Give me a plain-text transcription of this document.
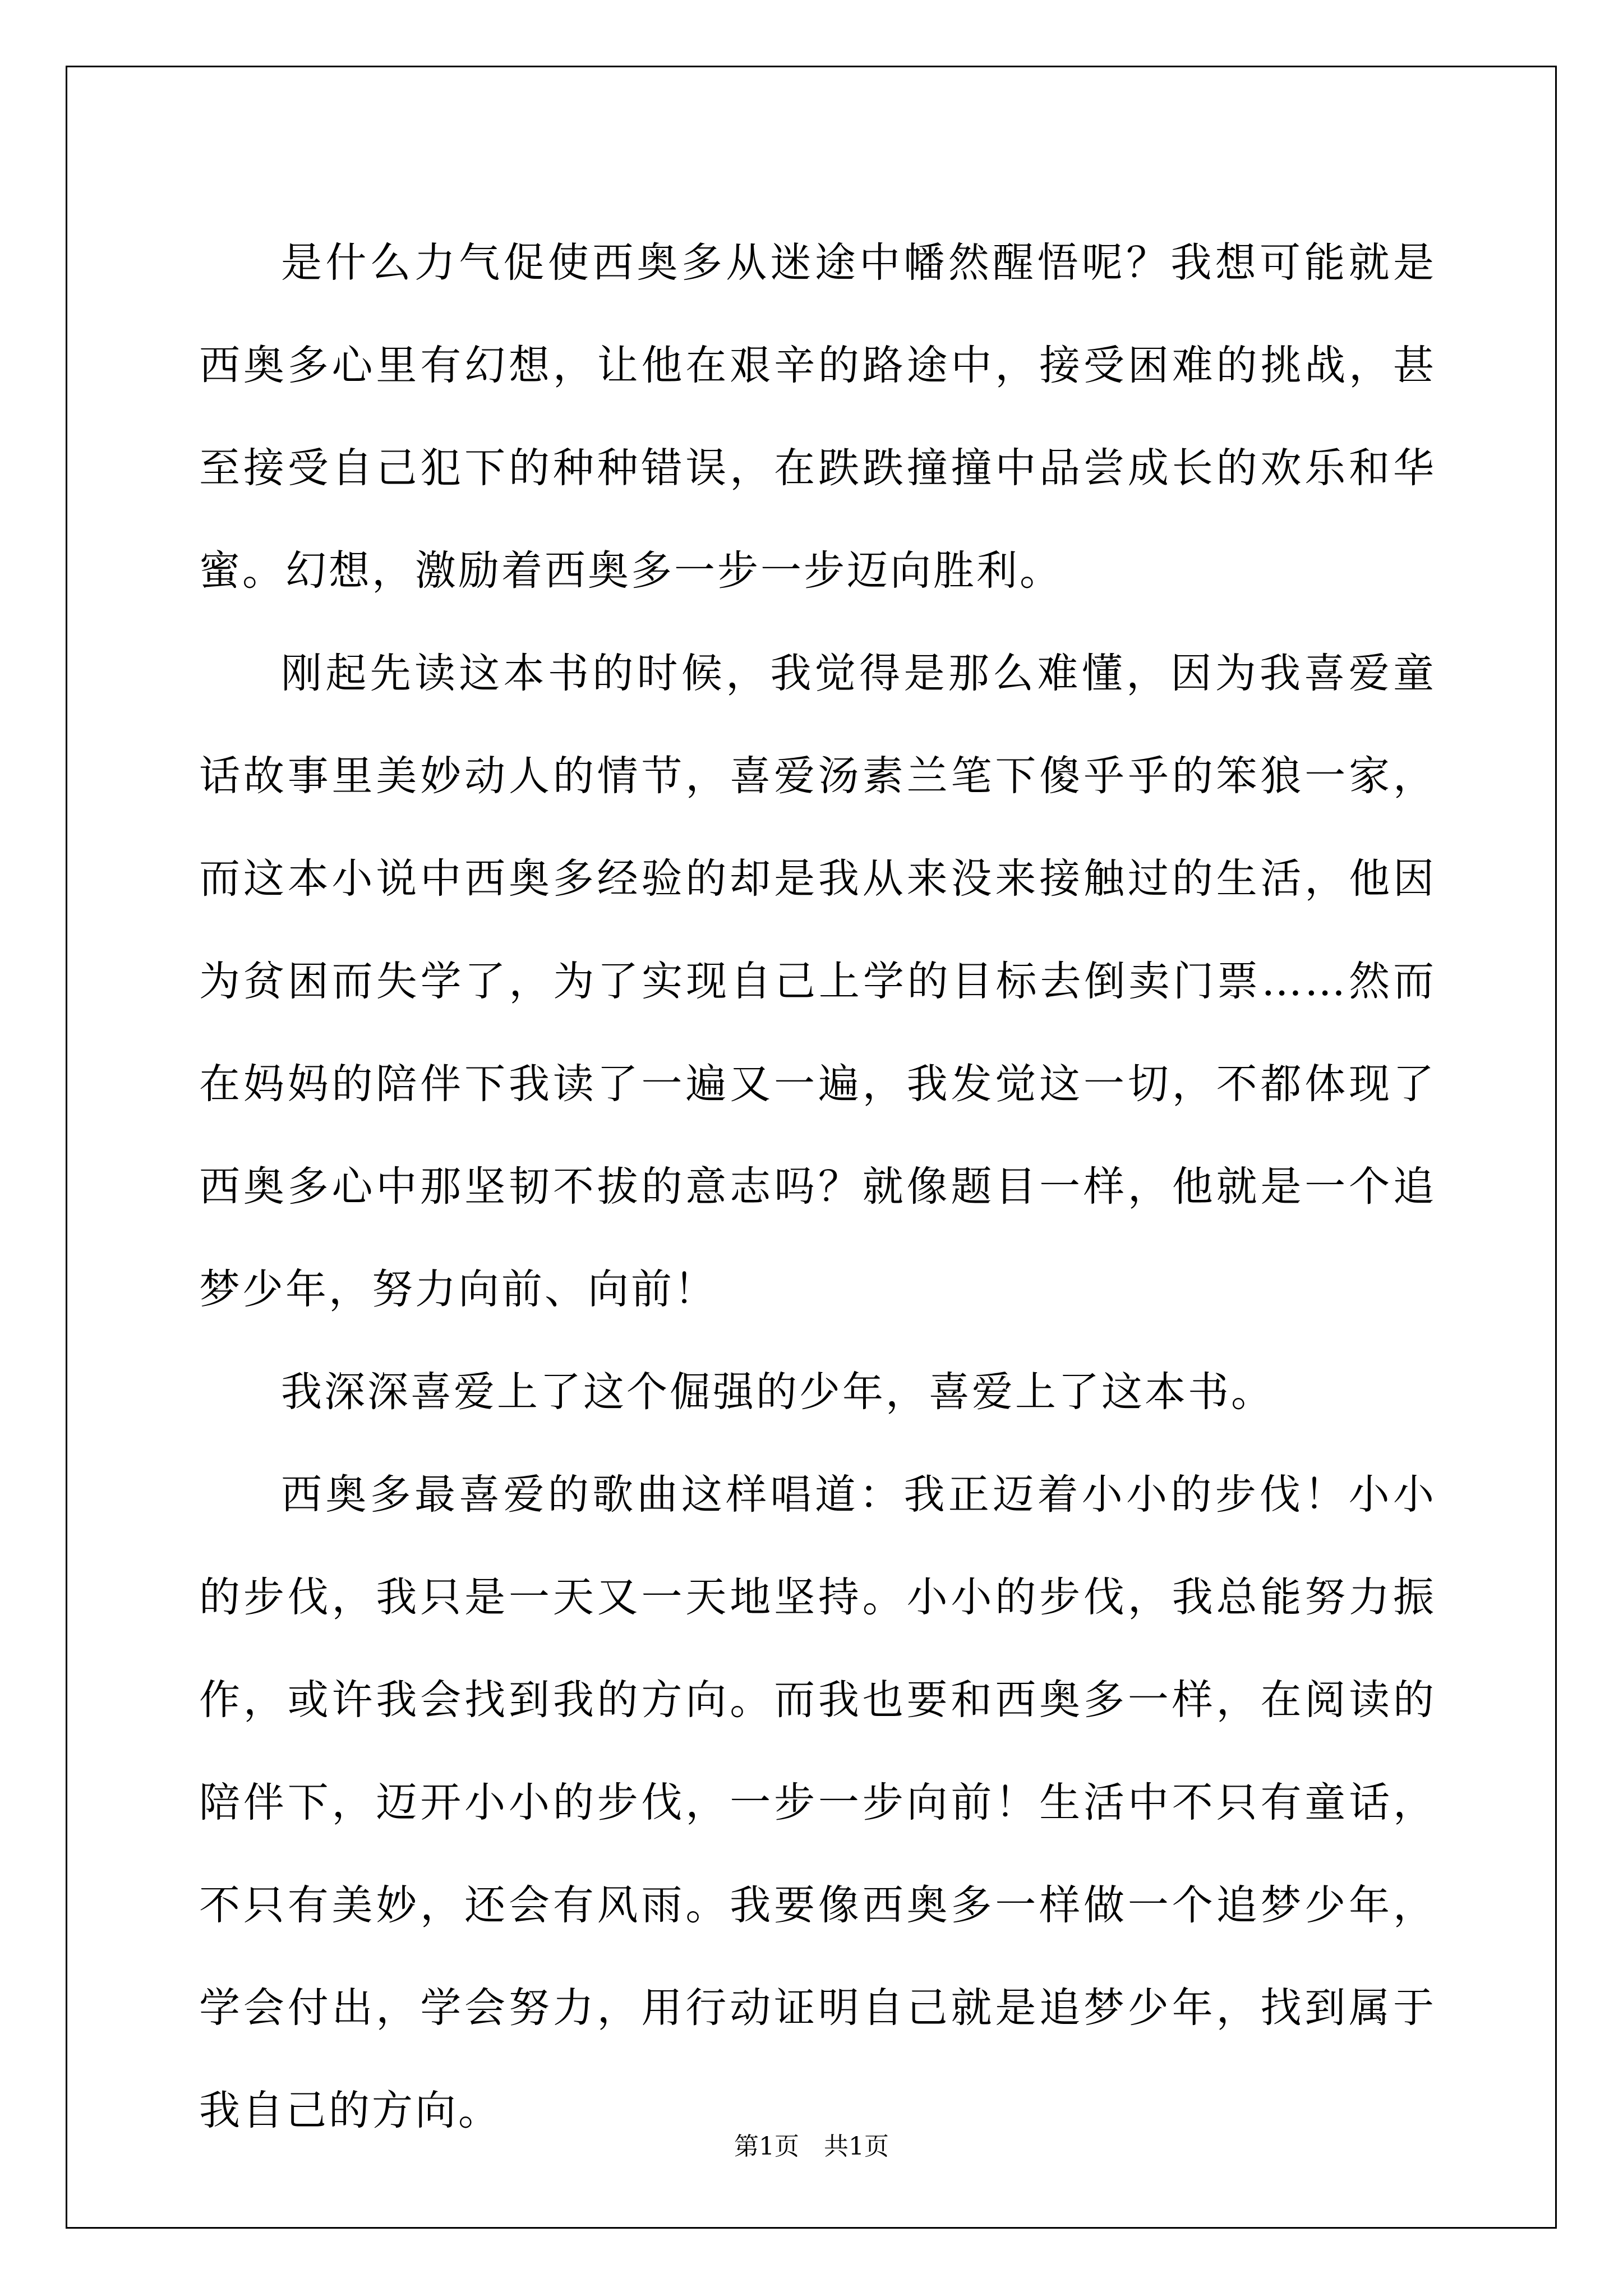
是什么力气促使西奥多从迷途中幡然醒悟呢？我想可能就是西奥多心里有幻想，让他在艰辛的路途中，接受困难的挑战，甚至接受自己犯下的种种错误，在跌跌撞撞中品尝成长的欢乐和华蜜。幻想，激励着西奥多一步一步迈向胜利。

刚起先读这本书的时候，我觉得是那么难懂，因为我喜爱童话故事里美妙动人的情节，喜爱汤素兰笔下傻乎乎的笨狼一家，而这本小说中西奥多经验的却是我从来没来接触过的生活，他因为贫困而失学了，为了实现自己上学的目标去倒卖门票……然而在妈妈的陪伴下我读了一遍又一遍，我发觉这一切，不都体现了西奥多心中那坚韧不拔的意志吗？就像题目一样，他就是一个追梦少年，努力向前、向前！

我深深喜爱上了这个倔强的少年，喜爱上了这本书。

西奥多最喜爱的歌曲这样唱道：我正迈着小小的步伐！小小的步伐，我只是一天又一天地坚持。小小的步伐，我总能努力振作，或许我会找到我的方向。而我也要和西奥多一样，在阅读的陪伴下，迈开小小的步伐，一步一步向前！生活中不只有童话，不只有美妙，还会有风雨。我要像西奥多一样做一个追梦少年，学会付出，学会努力，用行动证明自己就是追梦少年，找到属于我自己的方向。

第1页　共1页
